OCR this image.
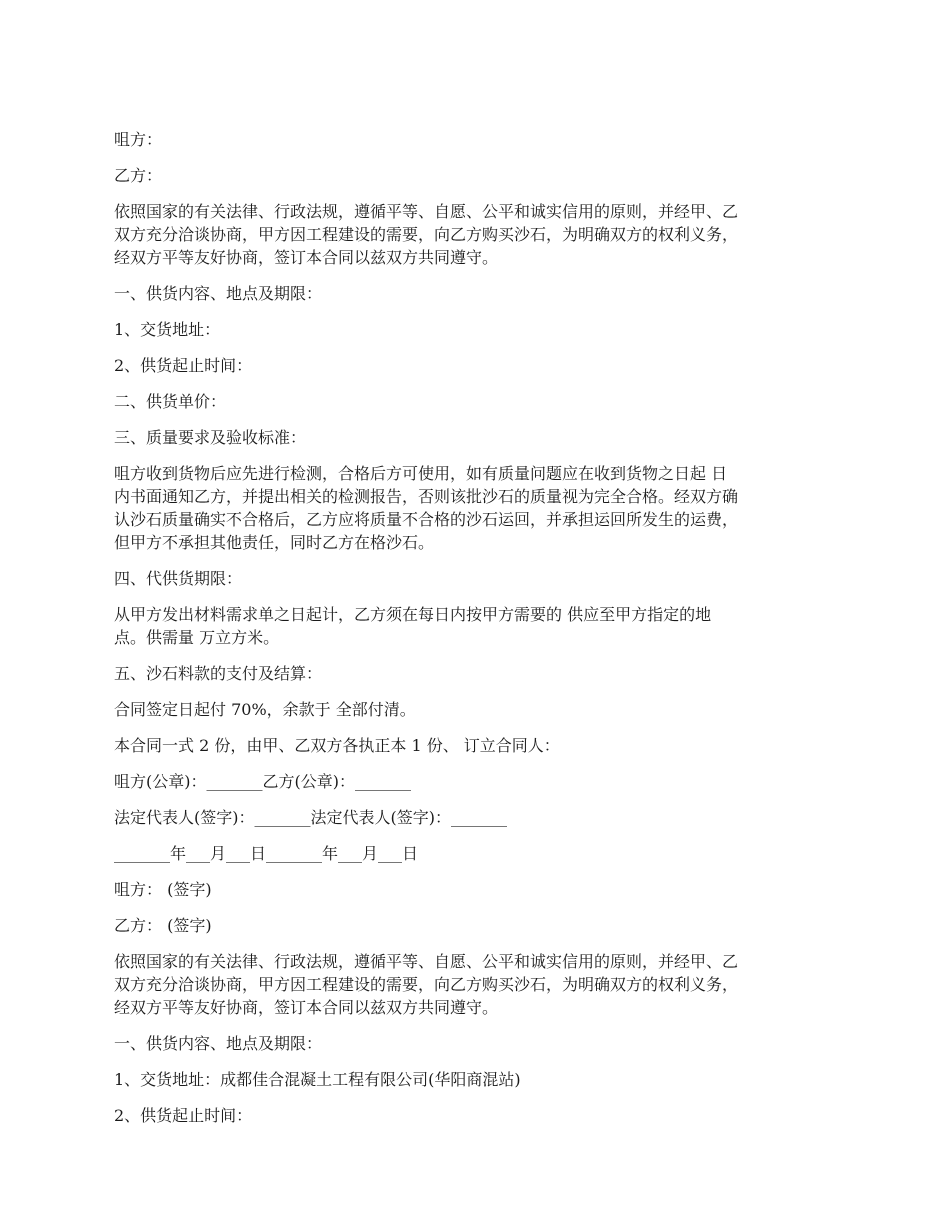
咀方：

乙方：

依照国家的有关法律、行政法规，遵循平等、自愿、公平和诚实信用的原则，并经甲、乙
双方充分洽谈协商，甲方因工程建设的需要，向乙方购买沙石，为明确双方的权利义务，
经双方平等友好协商，签订本合同以兹双方共同遵守。

一、供货内容、地点及期限：

1、交货地址：

2、供货起止时间：

二、供货单价：

三、质量要求及验收标准：

咀方收到货物后应先进行检测，合格后方可使用，如有质量问题应在收到货物之日起 日
内书面通知乙方，并提出相关的检测报告，否则该批沙石的质量视为完全合格。经双方确
认沙石质量确实不合格后，乙方应将质量不合格的沙石运回，并承担运回所发生的运费，
但甲方不承担其他责任，同时乙方在格沙石。

四、代供货期限：

从甲方发出材料需求单之日起计，乙方须在每日内按甲方需要的 供应至甲方指定的地
点。供需量 万立方米。

五、沙石料款的支付及结算：

合同签定日起付 70%，余款于 全部付清。

本合同一式 2 份，由甲、乙双方各执正本 1 份、 订立合同人：

咀方(公章)：_______乙方(公章)：_______

法定代表人(签字)：_______法定代表人(签字)：_______

_______年___月___日_______年___月___日

咀方： (签字)

乙方： (签字)

依照国家的有关法律、行政法规，遵循平等、自愿、公平和诚实信用的原则，并经甲、乙
双方充分洽谈协商，甲方因工程建设的需要，向乙方购买沙石，为明确双方的权利义务，
经双方平等友好协商，签订本合同以兹双方共同遵守。

一、供货内容、地点及期限：

1、交货地址：成都佳合混凝土工程有限公司(华阳商混站)

2、供货起止时间：
